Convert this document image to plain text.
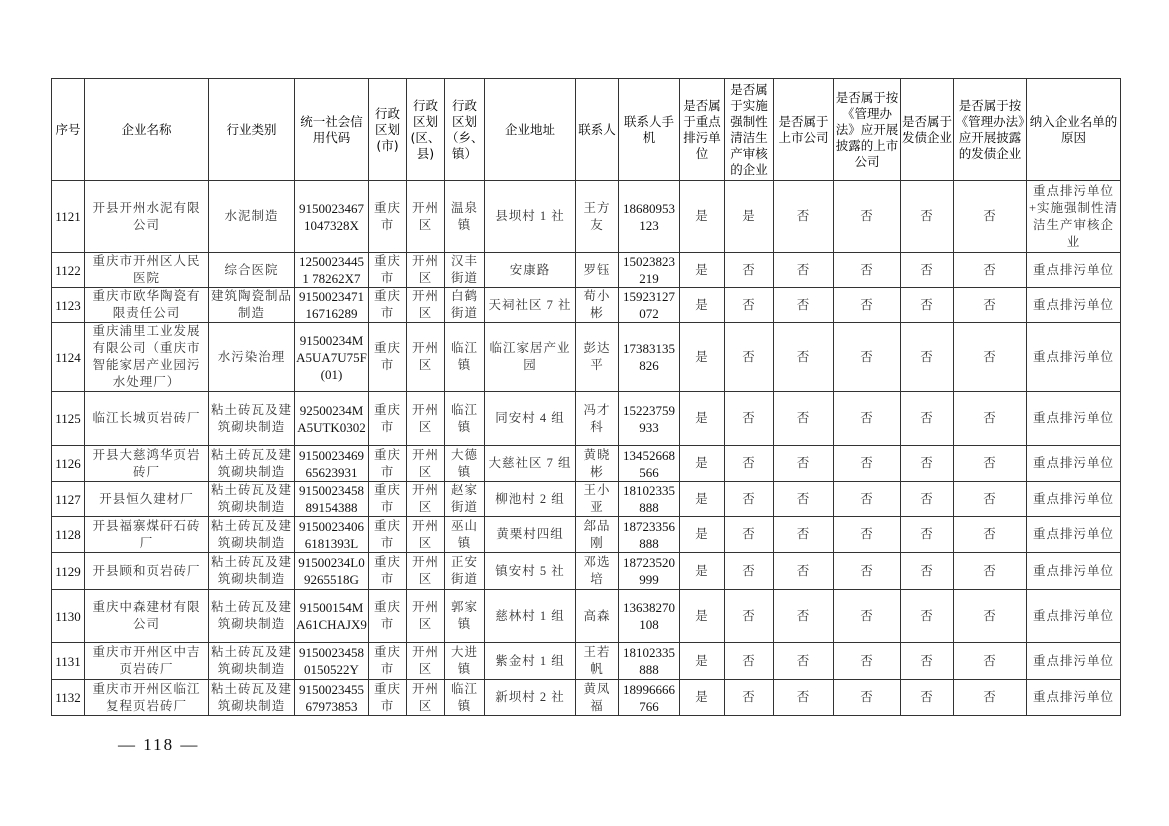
序号	企业名称	行业类别	统一社会信用代码	行政区划(市)	行政区划(区、县)	行政区划（乡、镇）	企业地址	联系人	联系人手机	是否属于重点排污单位	是否属于实施强制性清洁生产审核的企业	是否属于上市公司	是否属于按《管理办法》应开展披露的上市公司	是否属于发债企业	是否属于按《管理办法》应开展披露的发债企业	纳入企业名单的原因
1121	开县开州水泥有限公司	水泥制造	91500234671047328X	重庆市	开州区	温泉镇	县坝村 1 社	王方友	18680953123	是	是	否	否	否	否	重点排污单位+实施强制性清洁生产审核企业
1122	重庆市开州区人民医院	综合医院	12500234451 78262X7	重庆市	开州区	汉丰街道	安康路	罗钰	15023823219	是	否	否	否	否	否	重点排污单位
1123	重庆市欧华陶瓷有限责任公司	建筑陶瓷制品制造	915002347116716289	重庆市	开州区	白鹤街道	天祠社区 7 社	荀小彬	15923127072	是	否	否	否	否	否	重点排污单位
1124	重庆浦里工业发展有限公司（重庆市智能家居产业园污水处理厂）	水污染治理	91500234MA5UA7U75F(01)	重庆市	开州区	临江镇	临江家居产业园	彭达平	17383135826	是	否	否	否	否	否	重点排污单位
1125	临江长城页岩砖厂	粘土砖瓦及建筑砌块制造	92500234MA5UTK0302	重庆市	开州区	临江镇	同安村 4 组	冯才科	15223759933	是	否	否	否	否	否	重点排污单位
1126	开县大慈鸿华页岩砖厂	粘土砖瓦及建筑砌块制造	915002346965623931	重庆市	开州区	大德镇	大慈社区 7 组	黄晓彬	13452668566	是	否	否	否	否	否	重点排污单位
1127	开县恒久建材厂	粘土砖瓦及建筑砌块制造	915002345889154388	重庆市	开州区	赵家街道	柳池村 2 组	王小亚	18102335888	是	否	否	否	否	否	重点排污单位
1128	开县福寨煤矸石砖厂	粘土砖瓦及建筑砌块制造	91500234066181393L	重庆市	开州区	巫山镇	黄栗村四组	郐品刚	18723356888	是	否	否	否	否	否	重点排污单位
1129	开县顾和页岩砖厂	粘土砖瓦及建筑砌块制造	91500234L09265518G	重庆市	开州区	正安街道	镇安村 5 社	邓选培	18723520999	是	否	否	否	否	否	重点排污单位
1130	重庆中森建材有限公司	粘土砖瓦及建筑砌块制造	91500154MA61CHAJX9	重庆市	开州区	郭家镇	慈林村 1 组	高森	13638270108	是	否	否	否	否	否	重点排污单位
1131	重庆市开州区中吉页岩砖厂	粘土砖瓦及建筑砌块制造	91500234580150522Y	重庆市	开州区	大进镇	紫金村 1 组	王若帆	18102335888	是	否	否	否	否	否	重点排污单位
1132	重庆市开州区临江复程页岩砖厂	粘土砖瓦及建筑砌块制造	915002345567973853	重庆市	开州区	临江镇	新坝村 2 社	黄凤福	18996666766	是	否	否	否	否	否	重点排污单位
— 118 —
